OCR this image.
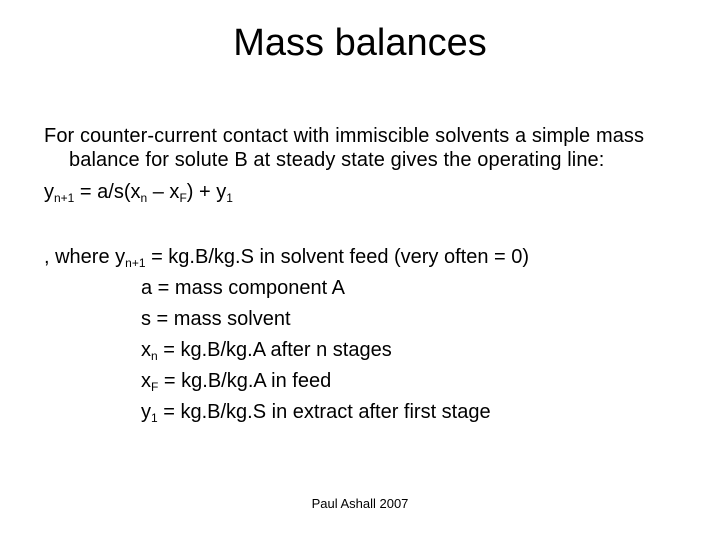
Mass balances

For counter-current contact with immiscible solvents a simple mass balance for solute B at steady state gives the operating line:

$y_{n+1} = a/s(x_n - x_F) + y_1$
, where $y_{n+1} = kg.B/kg.S$ in solvent feed (very often = 0)
a = mass component A
s = mass solvent
$x_n = kg.B/kg.A$ after n stages
$x_F = kg.B/kg.A$ in feed
$y_1 = kg.B/kg.S$ in extract after first stage
Paul Ashall 2007
